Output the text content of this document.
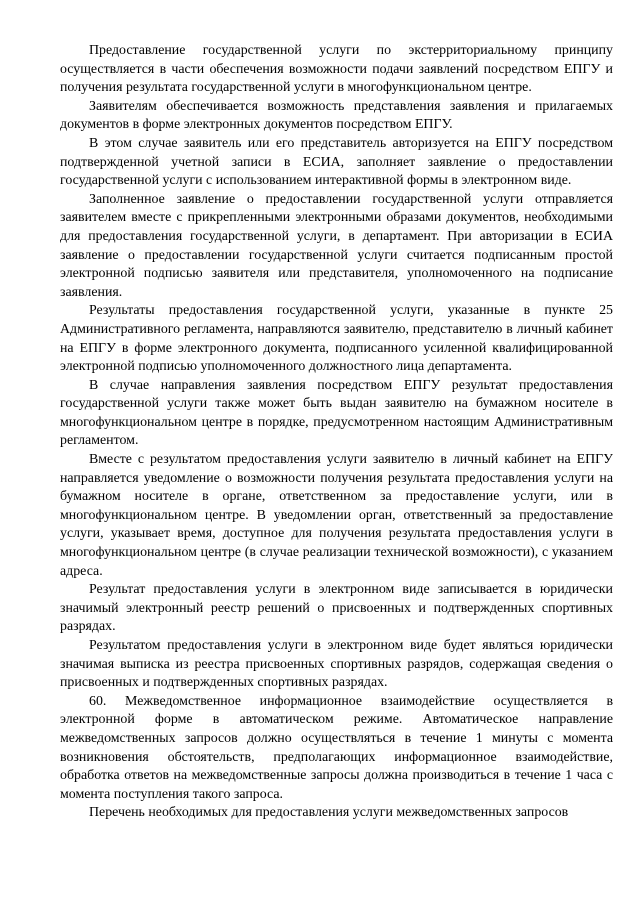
Предоставление государственной услуги по экстерриториальному принципу осуществляется в части обеспечения возможности подачи заявлений посредством ЕПГУ и получения результата государственной услуги в многофункциональном центре.

Заявителям обеспечивается возможность представления заявления и прилагаемых документов в форме электронных документов посредством ЕПГУ.

В этом случае заявитель или его представитель авторизуется на ЕПГУ посредством подтвержденной учетной записи в ЕСИА, заполняет заявление о предоставлении государственной услуги с использованием интерактивной формы в электронном виде.

Заполненное заявление о предоставлении государственной услуги отправляется заявителем вместе с прикрепленными электронными образами документов, необходимыми для предоставления государственной услуги, в департамент. При авторизации в ЕСИА заявление о предоставлении государственной услуги считается подписанным простой электронной подписью заявителя или представителя, уполномоченного на подписание заявления.

Результаты предоставления государственной услуги, указанные в пункте 25 Административного регламента, направляются заявителю, представителю в личный кабинет на ЕПГУ в форме электронного документа, подписанного усиленной квалифицированной электронной подписью уполномоченного должностного лица департамента.

В случае направления заявления посредством ЕПГУ результат предоставления государственной услуги также может быть выдан заявителю на бумажном носителе в многофункциональном центре в порядке, предусмотренном настоящим Административным регламентом.

Вместе с результатом предоставления услуги заявителю в личный кабинет на ЕПГУ направляется уведомление о возможности получения результата предоставления услуги на бумажном носителе в органе, ответственном за предоставление услуги, или в многофункциональном центре. В уведомлении орган, ответственный за предоставление услуги, указывает время, доступное для получения результата предоставления услуги в многофункциональном центре (в случае реализации технической возможности), с указанием адреса.

Результат предоставления услуги в электронном виде записывается в юридически значимый электронный реестр решений о присвоенных и подтвержденных спортивных разрядах.

Результатом предоставления услуги в электронном виде будет являться юридически значимая выписка из реестра присвоенных спортивных разрядов, содержащая сведения о присвоенных и подтвержденных спортивных разрядах.

60. Межведомственное информационное взаимодействие осуществляется в электронной форме в автоматическом режиме. Автоматическое направление межведомственных запросов должно осуществляться в течение 1 минуты с момента возникновения обстоятельств, предполагающих информационное взаимодействие, обработка ответов на межведомственные запросы должна производиться в течение 1 часа с момента поступления такого запроса.

Перечень необходимых для предоставления услуги межведомственных запросов
